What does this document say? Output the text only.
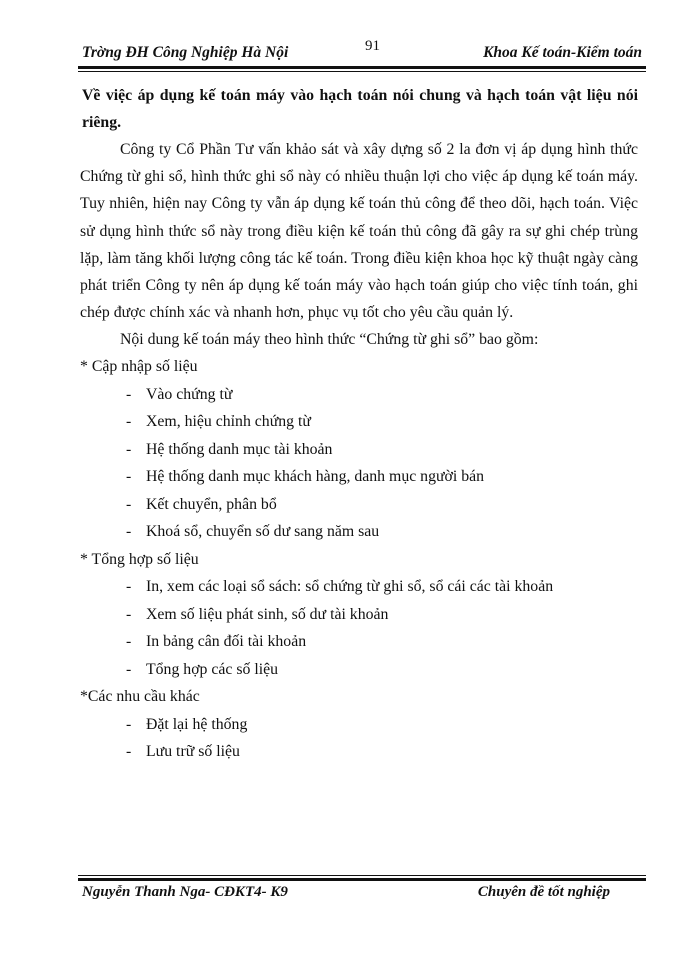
Trờng ĐH Công Nghiệp Hà Nội	91	Khoa Kế toán-Kiểm toán

Về việc áp dụng kế toán máy vào hạch toán nói chung và hạch toán vật liệu nói riêng.

Công ty Cổ Phần Tư vấn khảo sát và xây dựng số 2 la đơn vị áp dụng hình thức Chứng từ ghi sổ, hình thức ghi sổ này có nhiều thuận lợi cho việc áp dụng kế toán máy. Tuy nhiên, hiện nay Công ty vẫn áp dụng kế toán thủ công để theo dõi, hạch toán. Việc sử dụng hình thức sổ này trong điều kiện kế toán thủ công đã gây ra sự ghi chép trùng lặp, làm tăng khối lượng công tác kế toán. Trong điều kiện khoa học kỹ thuật ngày càng phát triển Công ty nên áp dụng kế toán máy vào hạch toán giúp cho việc tính toán, ghi chép được chính xác và nhanh hơn, phục vụ tốt cho yêu cầu quản lý.

Nội dung kế toán máy theo hình thức “Chứng từ ghi sổ” bao gồm:

* Cập nhập số liệu

- Vào chứng từ

- Xem, hiệu chỉnh chứng từ

- Hệ thống danh mục tài khoản

- Hệ thống danh mục khách hàng, danh mục người bán

- Kết chuyển, phân bổ

- Khoá sổ, chuyển số dư sang năm sau

* Tổng hợp số liệu

- In, xem các loại sổ sách: sổ chứng từ ghi sổ, sổ cái các tài khoản

- Xem số liệu phát sinh, số dư tài khoản

- In bảng cân đối tài khoản

- Tổng hợp các số liệu

*Các nhu cầu khác

- Đặt lại hệ thống

- Lưu trữ số liệu

Nguyễn Thanh Nga- CĐKT4- K9	Chuyên đề tốt nghiệp
